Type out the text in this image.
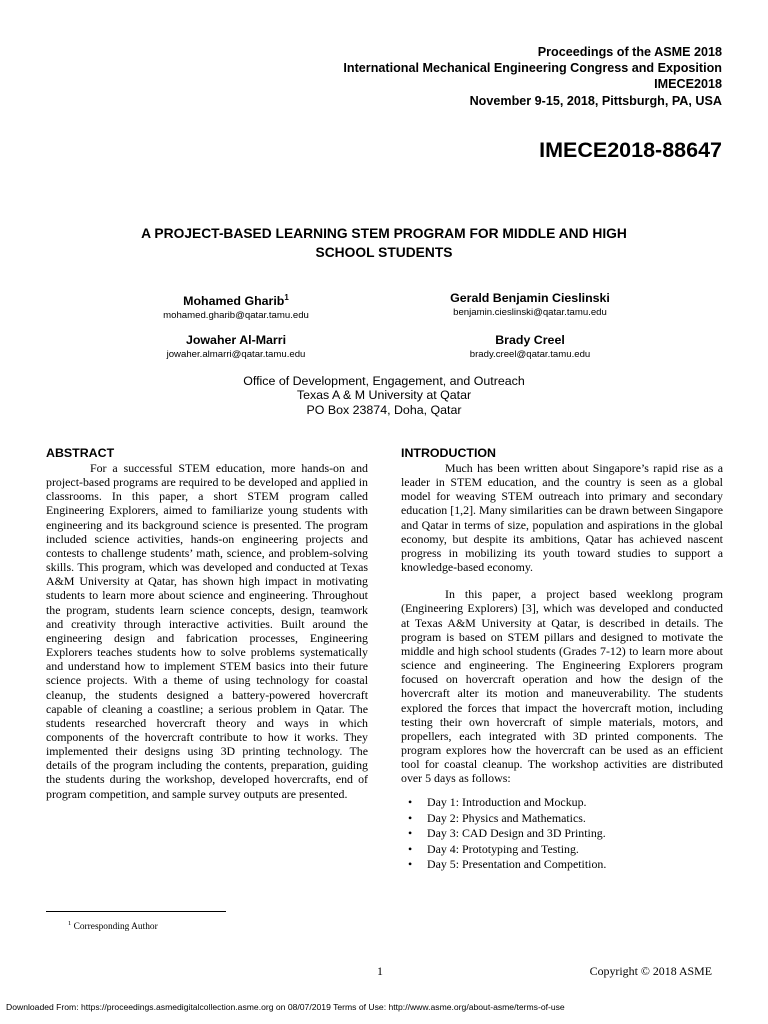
Proceedings of the ASME 2018
International Mechanical Engineering Congress and Exposition
IMECE2018
November 9-15, 2018, Pittsburgh, PA, USA
IMECE2018-88647
A PROJECT-BASED LEARNING STEM PROGRAM FOR MIDDLE AND HIGH
SCHOOL STUDENTS
Mohamed Gharib$^1$
mohamed.gharib@qatar.tamu.edu
Gerald Benjamin Cieslinski
benjamin.cieslinski@qatar.tamu.edu
Jowaher Al-Marri
jowaher.almarri@qatar.tamu.edu
Brady Creel
brady.creel@qatar.tamu.edu
Office of Development, Engagement, and Outreach
Texas A & M University at Qatar
PO Box 23874, Doha, Qatar
ABSTRACT

For a successful STEM education, more hands-on and project-based programs are required to be developed and applied in classrooms. In this paper, a short STEM program called Engineering Explorers, aimed to familiarize young students with engineering and its background science is presented. The program included science activities, hands-on engineering projects and contests to challenge students’ math, science, and problem-solving skills. This program, which was developed and conducted at Texas A&M University at Qatar, has shown high impact in motivating students to learn more about science and engineering. Throughout the program, students learn science concepts, design, teamwork and creativity through interactive activities. Built around the engineering design and fabrication processes, Engineering Explorers teaches students how to solve problems systematically and understand how to implement STEM basics into their future science projects. With a theme of using technology for coastal cleanup, the students designed a battery-powered hovercraft capable of cleaning a coastline; a serious problem in Qatar. The students researched hovercraft theory and ways in which components of the hovercraft contribute to how it works. They implemented their designs using 3D printing technology. The details of the program including the contents, preparation, guiding the students during the workshop, developed hovercrafts, end of program competition, and sample survey outputs are presented.

INTRODUCTION

Much has been written about Singapore’s rapid rise as a leader in STEM education, and the country is seen as a global model for weaving STEM outreach into primary and secondary education [1,2]. Many similarities can be drawn between Singapore and Qatar in terms of size, population and aspirations in the global economy, but despite its ambitions, Qatar has achieved nascent progress in mobilizing its youth toward studies to support a knowledge-based economy.

In this paper, a project based weeklong program (Engineering Explorers) [3], which was developed and conducted at Texas A&M University at Qatar, is described in details. The program is based on STEM pillars and designed to motivate the middle and high school students (Grades 7-12) to learn more about science and engineering. The Engineering Explorers program focused on hovercraft operation and how the design of the hovercraft alter its motion and maneuverability. The students explored the forces that impact the hovercraft motion, including testing their own hovercraft of simple materials, motors, and propellers, each integrated with 3D printed components. The program explores how the hovercraft can be used as an efficient tool for coastal cleanup. The workshop activities are distributed over 5 days as follows:

• Day 1: Introduction and Mockup.
• Day 2: Physics and Mathematics.
• Day 3: CAD Design and 3D Printing.
• Day 4: Prototyping and Testing.
• Day 5: Presentation and Competition.
$^1$ Corresponding Author
1	Copyright © 2018 ASME
Downloaded From: https://proceedings.asmedigitalcollection.asme.org on 08/07/2019 Terms of Use: http://www.asme.org/about-asme/terms-of-use
